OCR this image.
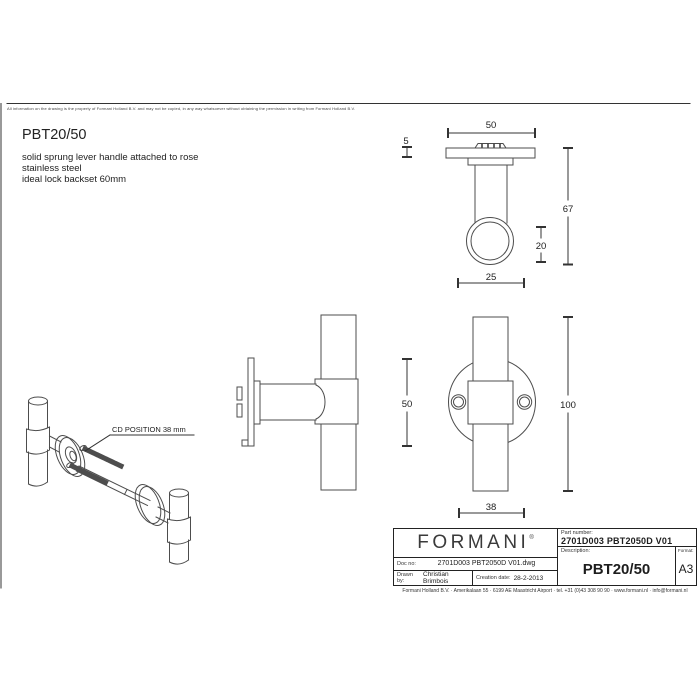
All information on the drawing is the property of Formani Holland B.V. and may not be copied, in any way whatsoever without obtaining the permission in writing from Formani Holland B.V.
PBT20/50
solid sprung lever handle attached to rose
stainless steel
ideal lock backset 60mm
50
5
67
20
25
50	100
38
CD POSITION 38 mm
FORMANI®
Doc no:	2701D003 PBT2050D V01.dwg
Drawn by:
Christian Brimbois	Creation date: 28-2-2013
Part number:
2701D003 PBT2050D V01
Description:
PBT20/50
Format:
A3
Formani Holland B.V. · Amerikalaan 55 · 6199 AE Maastricht Airport · tel. +31 (0)43 308 90 90 · www.formani.nl · info@formani.nl
